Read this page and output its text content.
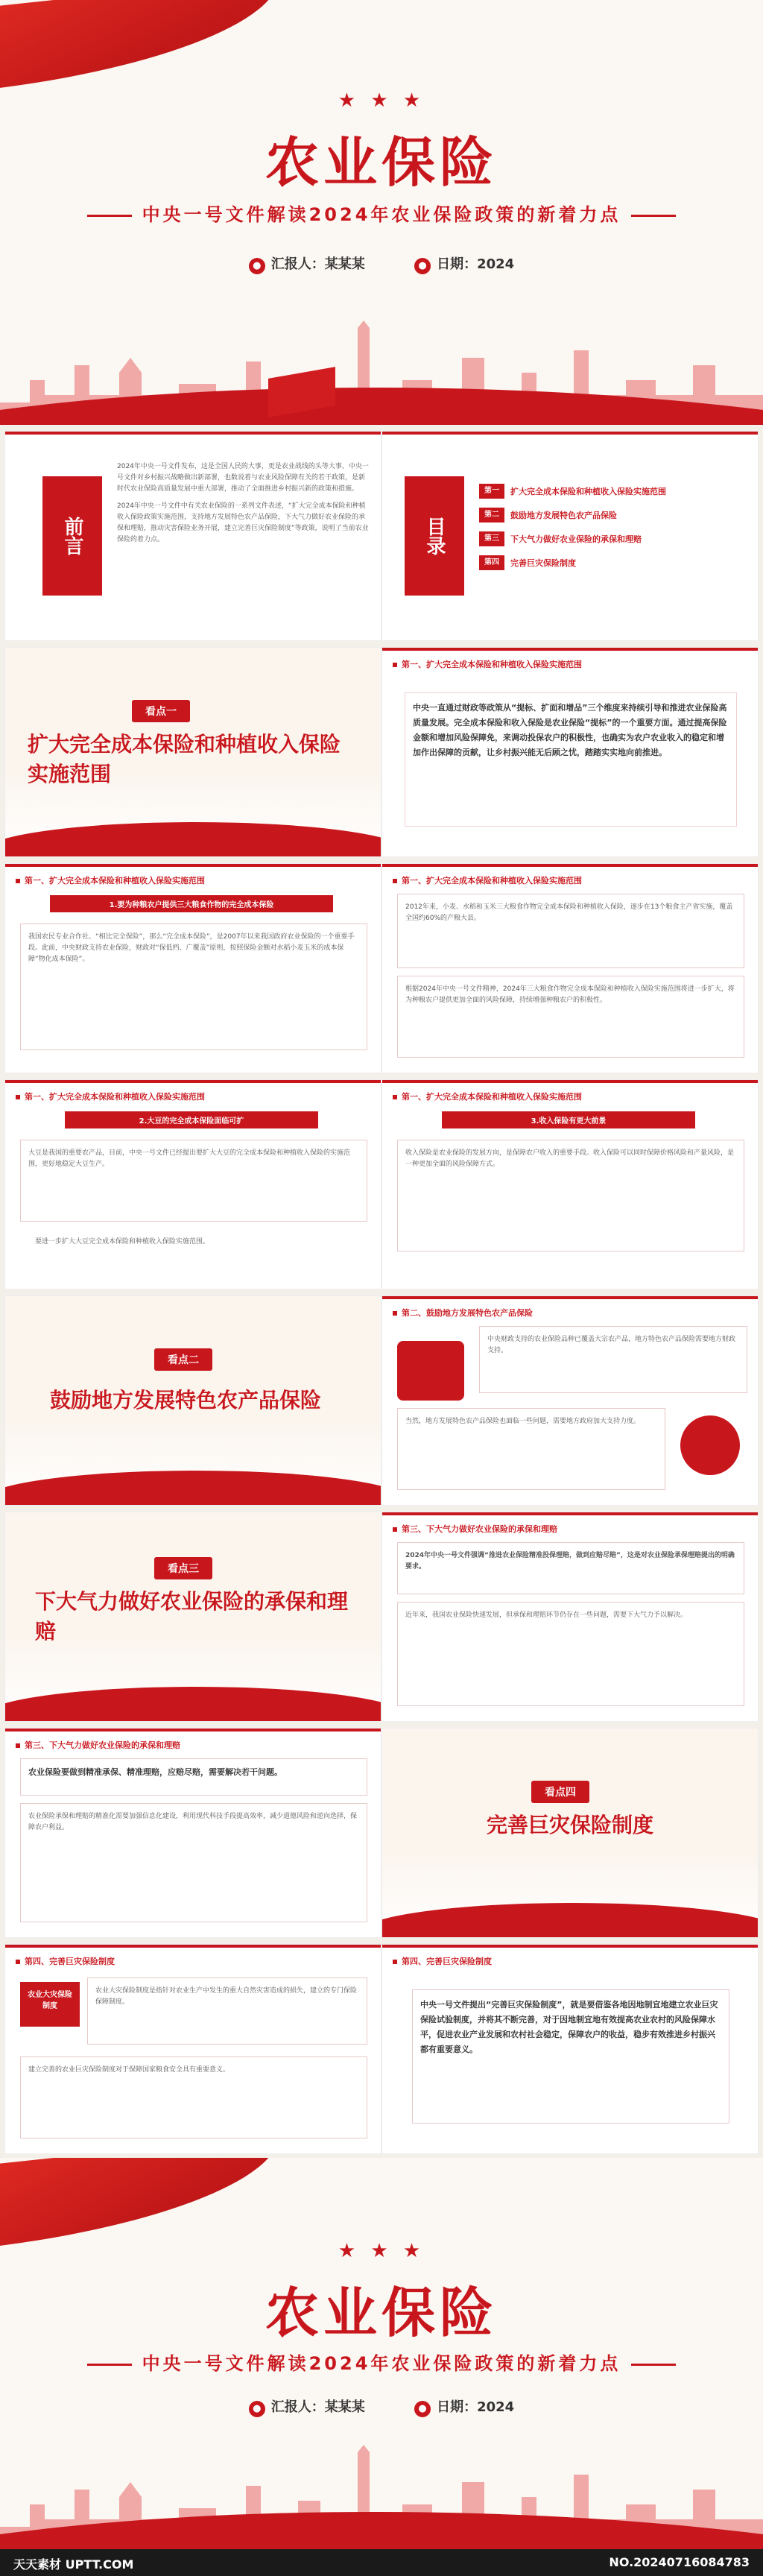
★ ★ ★
农业保险
中央一号文件解读2024年农业保险政策的新着力点
● 汇报人：某某某	● 日期：2024
前言

2024年中央一号文件发布，这是全国人民的大事，更是农业战线的头等大事，中央一号文件对乡村振兴战略做出新部署，也数说着与农业风险保障有关的若干政策，是新时代农业保险高质量发展中重大部署，推动了全面推进乡村振兴新的政策和措施。

2024年中央一号文件中有关农业保险的一系列文件表述，“扩大完全成本保险和种植收入保险政策实施范围，支持地方发展特色农产品保险，下大气力做好农业保险的承保和理赔，推动灾害保险业务开展，建立完善巨灾保险制度”等政策，说明了当前农业保险的着力点。	目录
第一	扩大完全成本保险和种植收入保险实施范围
第二	鼓励地方发展特色农产品保险
第三	下大气力做好农业保险的承保和理赔
第四	完善巨灾保险制度
看点一
扩大完全成本保险和种植收入保险实施范围
第一、扩大完全成本保险和种植收入保险实施范围

中央一直通过财政等政策从“提标、扩面和增品”三个维度来持续引导和推进农业保险高质量发展。完全成本保险和收入保险是农业保险“提标”的一个重要方面。通过提高保险金额和增加风险保障免，来调动投保农户的积极性，也确实为农户农业收入的稳定和增加作出保障的贡献，让乡村振兴能无后顾之忧，踏踏实实地向前推进。

第一、扩大完全成本保险和种植收入保险实施范围
1.要为种粮农户提供三大粮食作物的完全成本保险

我国农民专业合作社、“相比完全保险”，那么“完全成本保险”，是2007年以来我国政府农业保险的一个重要手段。此前，中央财政支持农业保险，财政对“保低档、广覆盖”原则，按照保险金额对水稻小麦玉米的成本保障“物化成本保险”。

第一、扩大完全成本保险和种植收入保险实施范围

2012年来，小麦、水稻和玉米三大粮食作物完全成本保险和种植收入保险，逐步在13个粮食主产省实施，覆盖全国约60%的产粮大县。

根据2024年中央一号文件精神，2024年三大粮食作物完全成本保险和种植收入保险实施范围将进一步扩大，将为种粮农户提供更加全面的风险保障，持续增强种粮农户的积极性。

第一、扩大完全成本保险和种植收入保险实施范围
2.大豆的完全成本保险面临可扩

大豆是我国的重要农产品，目前，中央一号文件已经提出要扩大大豆的完全成本保险和种植收入保险的实施范围，更好地稳定大豆生产。

要进一步扩大大豆完全成本保险和种植收入保险实施范围。

第一、扩大完全成本保险和种植收入保险实施范围
3.收入保险有更大前景

收入保险是农业保险的发展方向，是保障农户收入的重要手段。收入保险可以同时保障价格风险和产量风险，是一种更加全面的风险保障方式。

看点二
鼓励地方发展特色农产品保险
第二、鼓励地方发展特色农产品保险

中央财政支持的农业保险品种已覆盖大宗农产品，地方特色农产品保险需要地方财政支持。

当然，地方发展特色农产品保险也面临一些问题，需要地方政府加大支持力度。

看点三
下大气力做好农业保险的承保和理赔
第三、下大气力做好农业保险的承保和理赔

2024年中央一号文件强调“推进农业保险精准投保理赔，做到应赔尽赔”，这是对农业保险承保理赔提出的明确要求。

近年来，我国农业保险快速发展，但承保和理赔环节仍存在一些问题，需要下大气力予以解决。

第三、下大气力做好农业保险的承保和理赔

农业保险要做到精准承保、精准理赔，应赔尽赔，需要解决若干问题。

农业保险承保和理赔的精准化需要加强信息化建设，利用现代科技手段提高效率，减少道德风险和逆向选择，保障农户利益。

看点四
完善巨灾保险制度
第四、完善巨灾保险制度
农业大灾保险制度

农业大灾保险制度是指针对农业生产中发生的重大自然灾害造成的损失，建立的专门保险保障制度。

建立完善的农业巨灾保险制度对于保障国家粮食安全具有重要意义。

第四、完善巨灾保险制度

中央一号文件提出“完善巨灾保险制度”，就是要借鉴各地因地制宜地建立农业巨灾保险试验制度，并将其不断完善，对于因地制宜地有效提高农业农村的风险保障水平，促进农业产业发展和农村社会稳定，保障农户的收益，稳步有效推进乡村振兴都有重要意义。

★ ★ ★
农业保险
中央一号文件解读2024年农业保险政策的新着力点
● 汇报人：某某某	● 日期：2024
天天素材 UPTT.COM	NO.20240716084783
